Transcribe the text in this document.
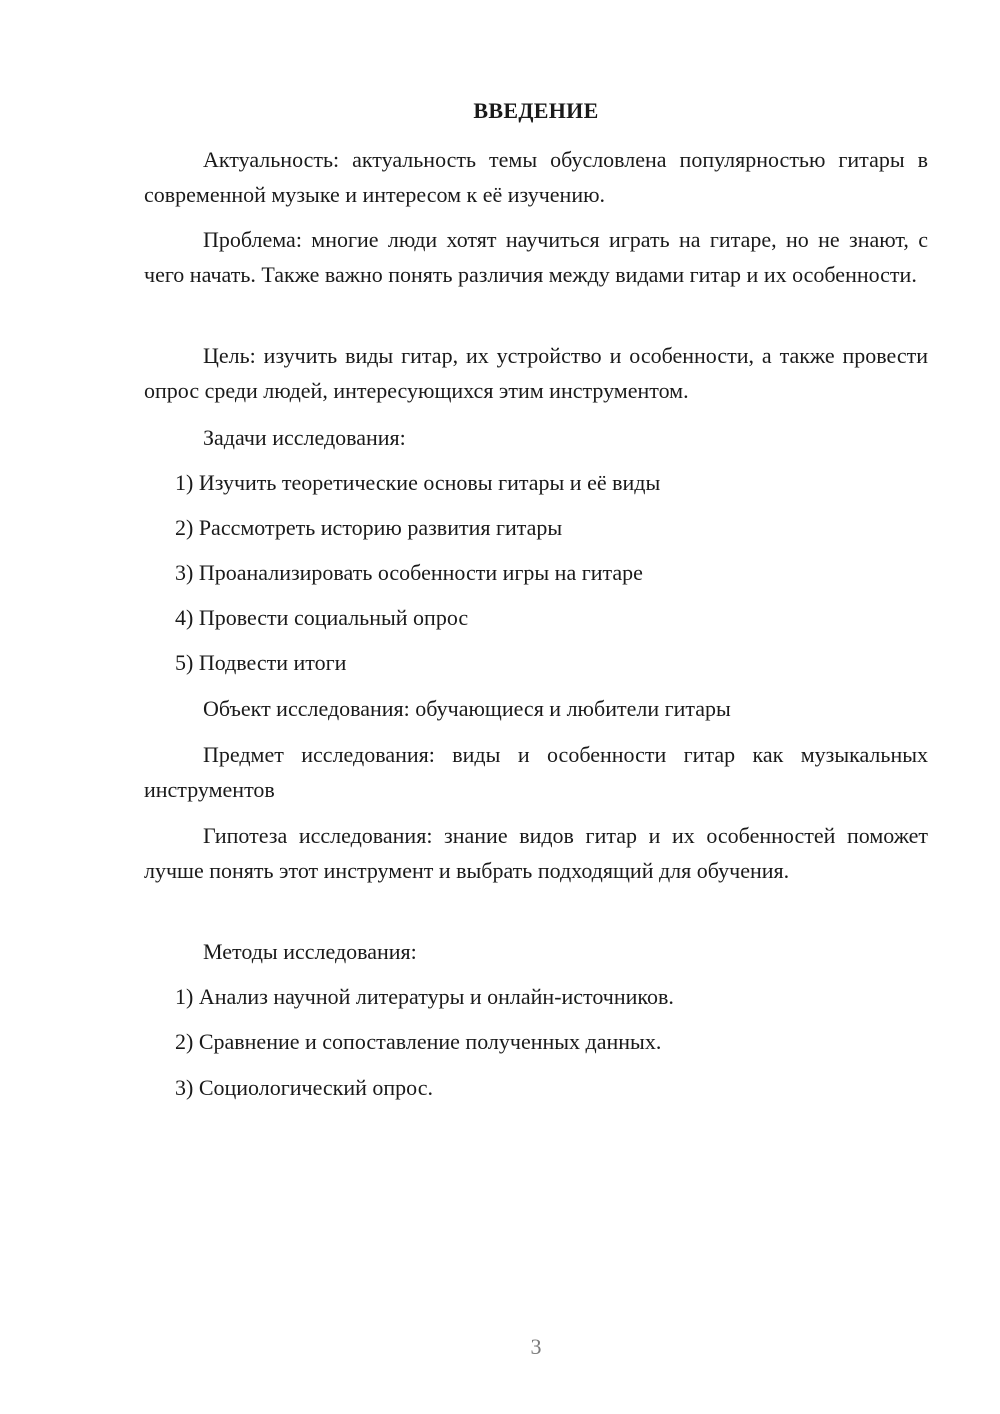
ВВЕДЕНИЕ
Актуальность: актуальность темы обусловлена популярностью гитары в современной музыке и интересом к её изучению.
Проблема: многие люди хотят научиться играть на гитаре, но не знают, с чего начать. Также важно понять различия между видами гитар и их особенности.
Цель: изучить виды гитар, их устройство и особенности, а также провести опрос среди людей, интересующихся этим инструментом.
Задачи исследования:
1) Изучить теоретические основы гитары и её виды
2) Рассмотреть историю развития гитары
3) Проанализировать особенности игры на гитаре
4) Провести социальный опрос
5) Подвести итоги
Объект исследования: обучающиеся и любители гитары
Предмет исследования: виды и особенности гитар как музыкальных инструментов
Гипотеза исследования: знание видов гитар и их особенностей поможет лучше понять этот инструмент и выбрать подходящий для обучения.
Методы исследования:
1) Анализ научной литературы и онлайн-источников.
2) Сравнение и сопоставление полученных данных.
3) Социологический опрос.
3
